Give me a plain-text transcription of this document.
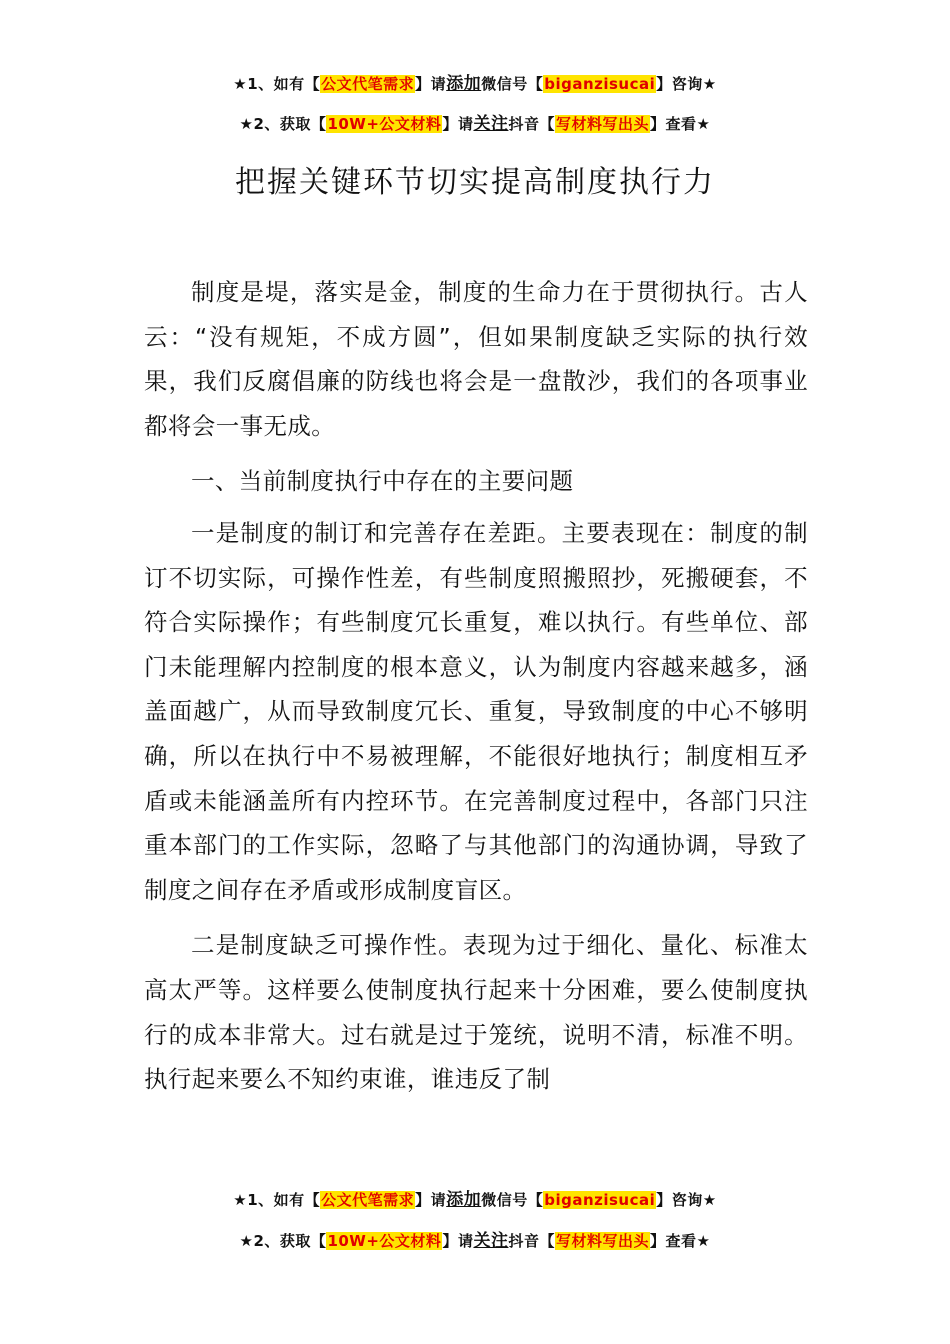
★1、如有【公文代笔需求】请添加微信号【biganzisucai】咨询★
★2、获取【10W+公文材料】请关注抖音【写材料写出头】查看★
把握关键环节切实提高制度执行力

制度是堤，落实是金，制度的生命力在于贯彻执行。古人云：“没有规矩，不成方圆”，但如果制度缺乏实际的执行效果，我们反腐倡廉的防线也将会是一盘散沙，我们的各项事业都将会一事无成。

一、当前制度执行中存在的主要问题

一是制度的制订和完善存在差距。主要表现在：制度的制订不切实际，可操作性差，有些制度照搬照抄，死搬硬套，不符合实际操作；有些制度冗长重复，难以执行。有些单位、部门未能理解内控制度的根本意义，认为制度内容越来越多，涵盖面越广，从而导致制度冗长、重复，导致制度的中心不够明确，所以在执行中不易被理解，不能很好地执行；制度相互矛盾或未能涵盖所有内控环节。在完善制度过程中，各部门只注重本部门的工作实际，忽略了与其他部门的沟通协调，导致了制度之间存在矛盾或形成制度盲区。

二是制度缺乏可操作性。表现为过于细化、量化、标准太高太严等。这样要么使制度执行起来十分困难，要么使制度执行的成本非常大。过右就是过于笼统，说明不清，标准不明。执行起来要么不知约束谁，谁违反了制

★1、如有【公文代笔需求】请添加微信号【biganzisucai】咨询★
★2、获取【10W+公文材料】请关注抖音【写材料写出头】查看★
